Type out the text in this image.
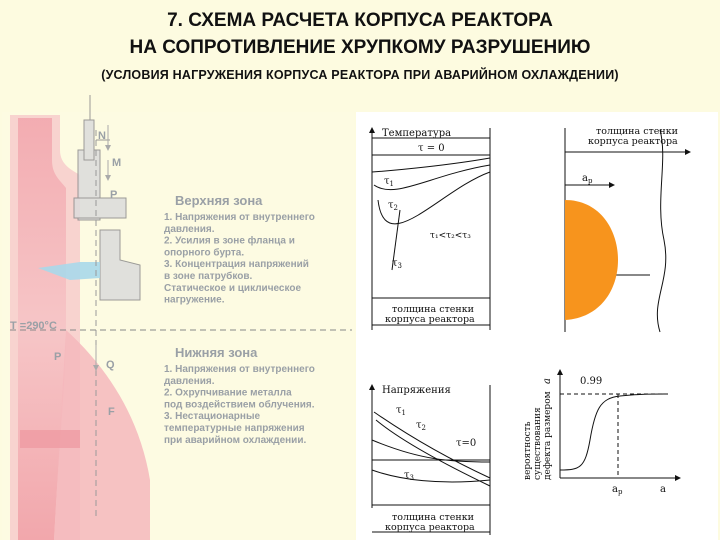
7. СХЕМА РАСЧЕТА КОРПУСА РЕАКТОРА
НА СОПРОТИВЛЕНИЕ ХРУПКОМУ РАЗРУШЕНИЮ
(УСЛОВИЯ НАГРУЖЕНИЯ КОРПУСА РЕАКТОРА ПРИ АВАРИЙНОМ ОХЛАЖДЕНИИ)
N
M
P
P
Q
F
T =290°C
Верхняя зона
1. Напряжения от внутреннего
давления.
2. Усилия в зоне фланца и
опорного бурта.
3. Концентрация напряжений
в зоне патрубков.
Статическое и циклическое
нагружение.
Нижняя зона
1. Напряжения от внутреннего
давления.
2. Охрупчивание металла
под воздействием облучения.
3. Нестационарные
температурные напряжения
при аварийном охлаждении.
Температура
τ = 0
$\tau_1$
$\tau_2$
$\tau_3$
τ₁<τ₂<τ₃
толщина стенки
корпуса реактора
толщина стенки
корпуса реактора
$a_p$
Напряжения
$\tau_1$
$\tau_2$
τ=0
$\tau_3$
толщина стенки
корпуса реактора
0.99
$a_p$	a
вероятность существования дефекта размером
a
